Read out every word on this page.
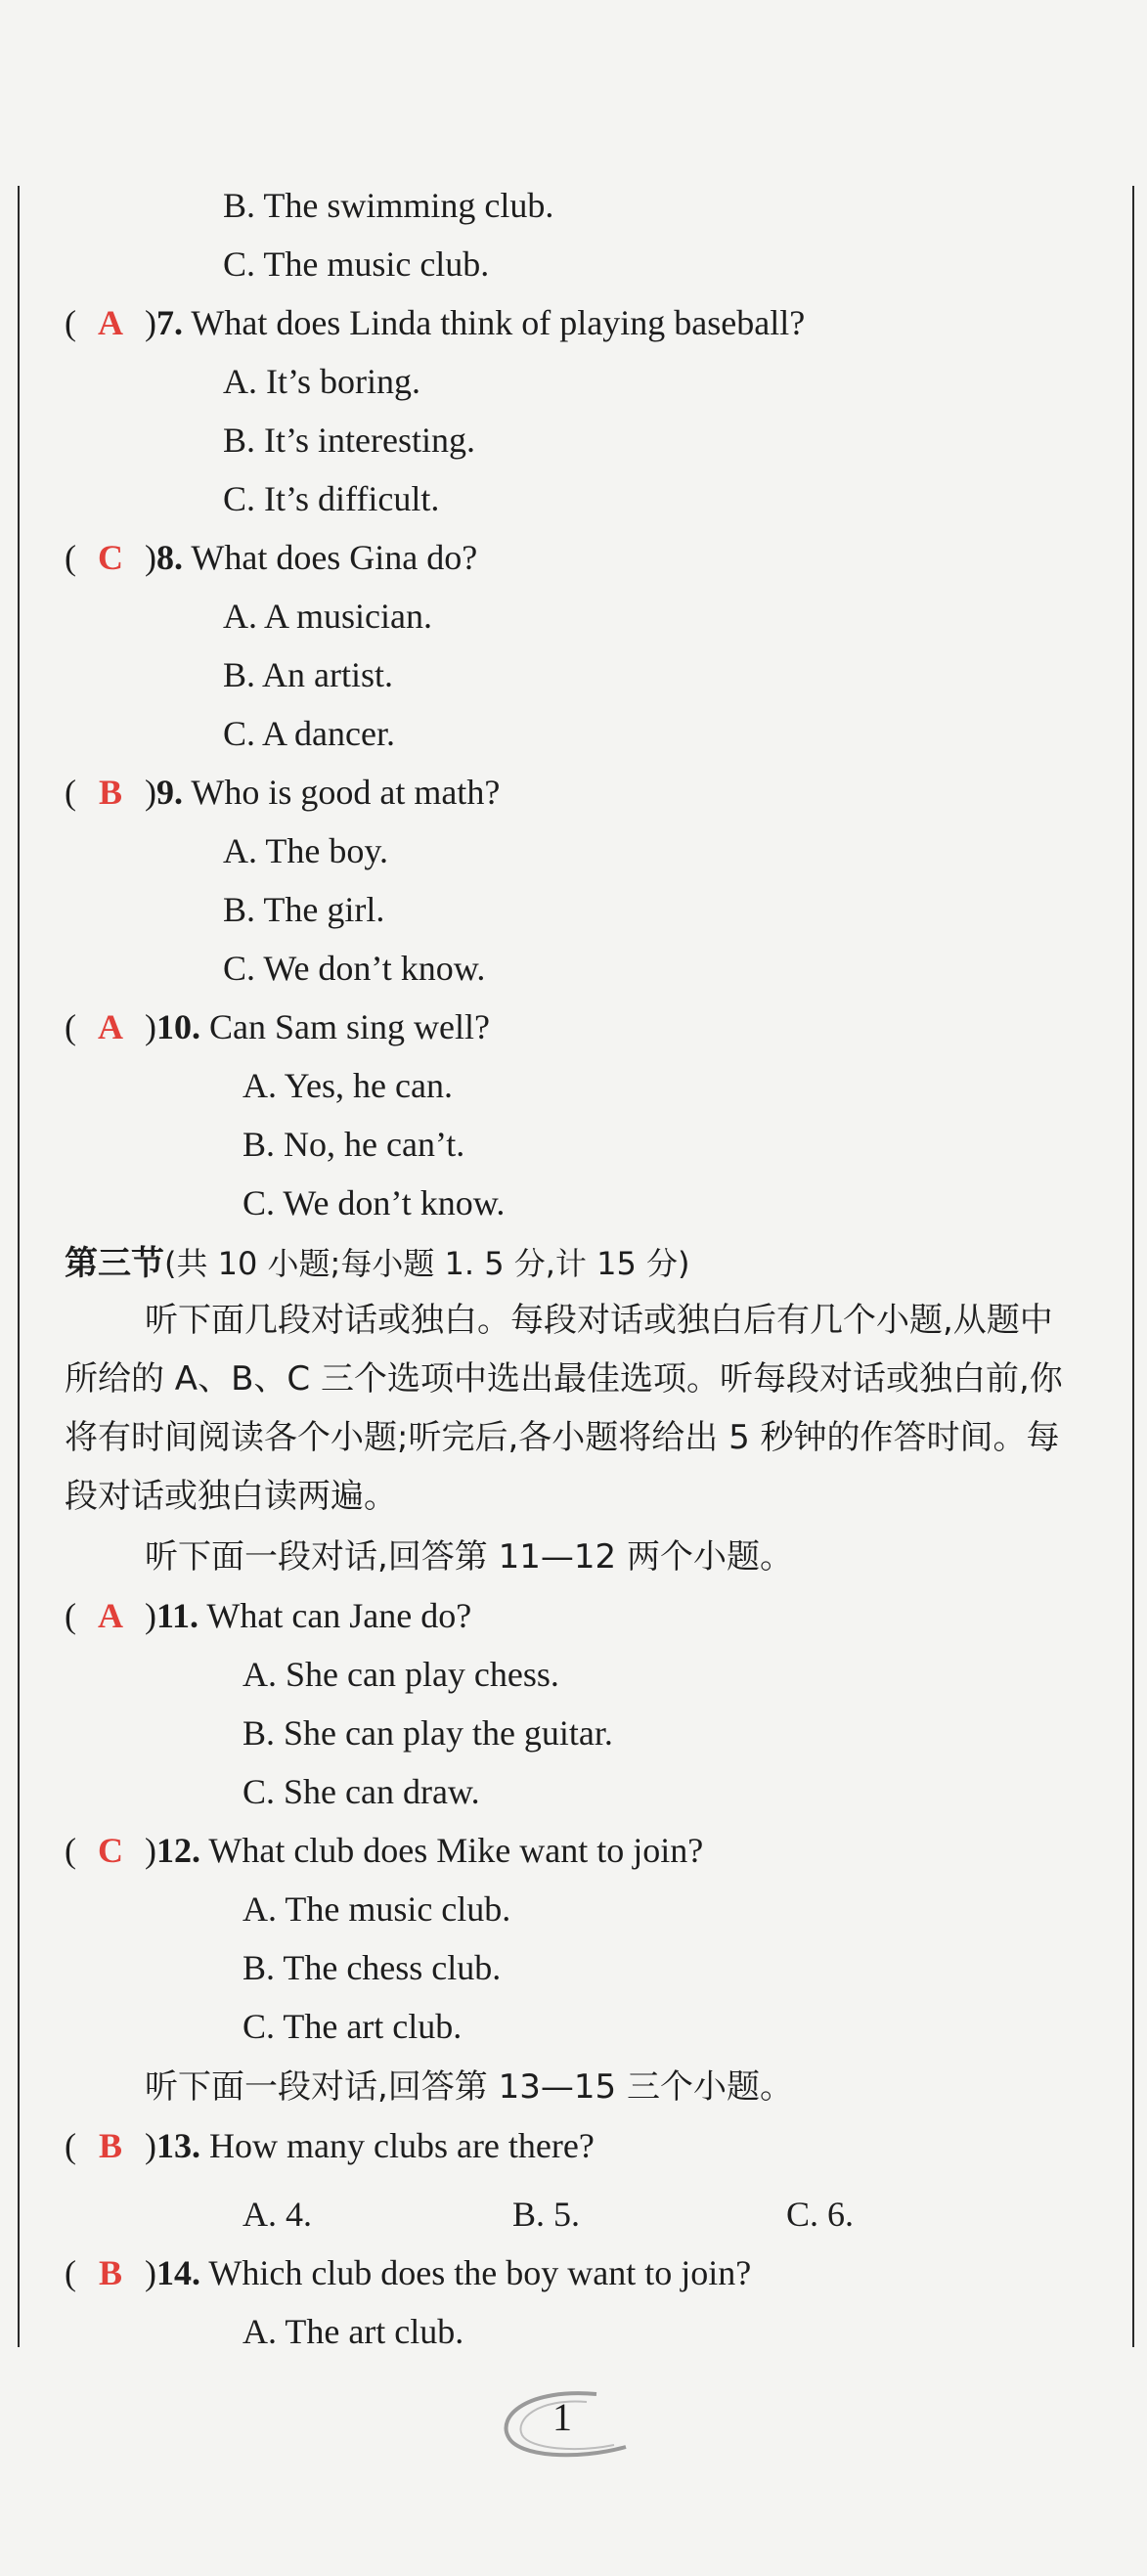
B. The swimming club.
C. The music club.
( A )7. What does Linda think of playing baseball?
A. It’s boring.
B. It’s interesting.
C. It’s difficult.
( C )8. What does Gina do?
A. A musician.
B. An artist.
C. A dancer.
( B )9. Who is good at math?
A. The boy.
B. The girl.
C. We don’t know.
( A )10. Can Sam sing well?
A. Yes, he can.
B. No, he can’t.
C. We don’t know.
第三节(共 10 小题;每小题 1. 5 分,计 15 分)
听下面几段对话或独白。每段对话或独白后有几个小题,从题中所给的 A、B、C 三个选项中选出最佳选项。听每段对话或独白前,你将有时间阅读各个小题;听完后,各小题将给出 5 秒钟的作答时间。每段对话或独白读两遍。
听下面一段对话,回答第 11—12 两个小题。
( A )11. What can Jane do?
A. She can play chess.
B. She can play the guitar.
C. She can draw.
( C )12. What club does Mike want to join?
A. The music club.
B. The chess club.
C. The art club.
听下面一段对话,回答第 13—15 三个小题。
( B )13. How many clubs are there?
A. 4.	B. 5.	C. 6.
( B )14. Which club does the boy want to join?
A. The art club.
1
